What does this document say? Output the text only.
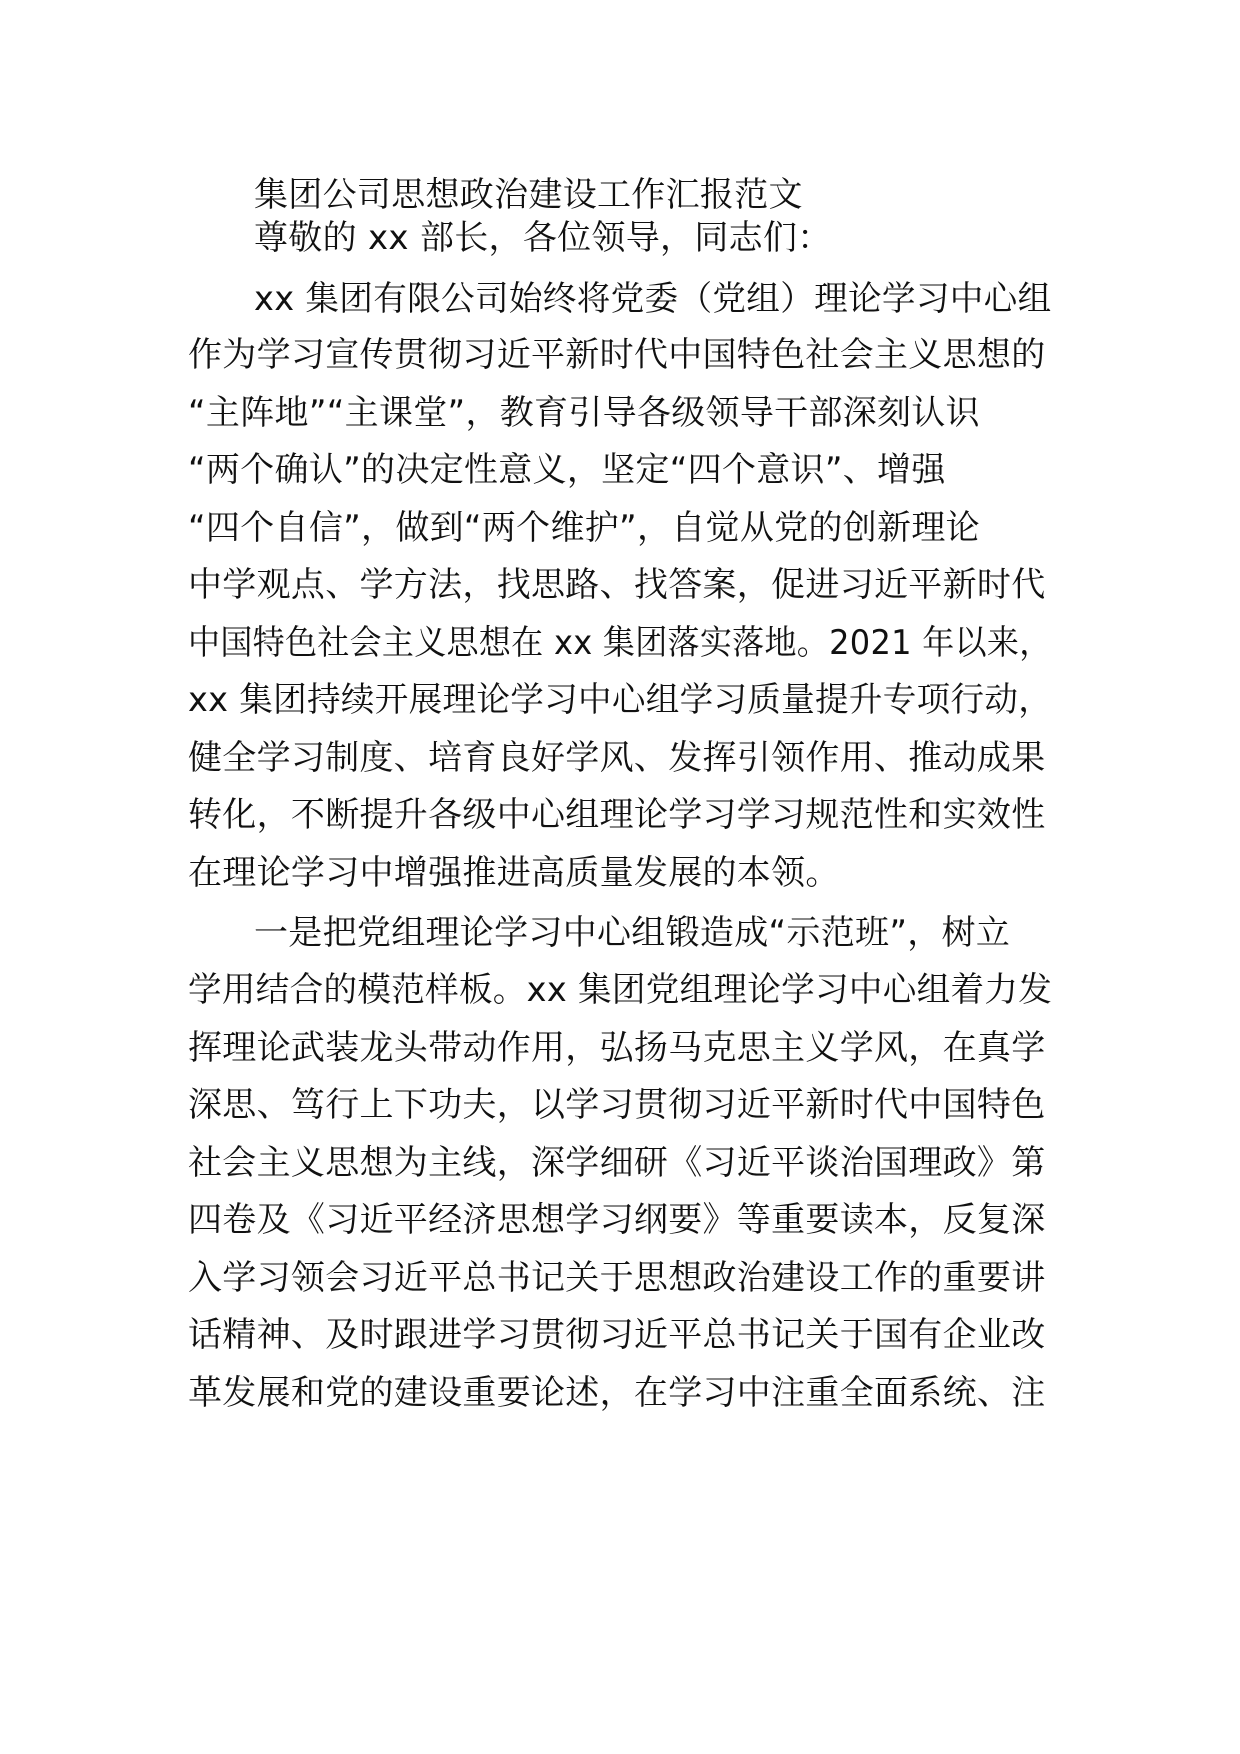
集团公司思想政治建设工作汇报范文
尊敬的 xx 部长，各位领导，同志们：
xx 集团有限公司始终将党委（党组）理论学习中心组
作为学习宣传贯彻习近平新时代中国特色社会主义思想的
“主阵地”“主课堂”，教育引导各级领导干部深刻认识
“两个确认”的决定性意义，坚定“四个意识”、增强
“四个自信”，做到“两个维护”，自觉从党的创新理论
中学观点、学方法，找思路、找答案，促进习近平新时代
中国特色社会主义思想在 xx 集团落实落地。2021 年以来，
xx 集团持续开展理论学习中心组学习质量提升专项行动，
健全学习制度、培育良好学风、发挥引领作用、推动成果
转化，不断提升各级中心组理论学习学习规范性和实效性
在理论学习中增强推进高质量发展的本领。
一是把党组理论学习中心组锻造成“示范班”，树立
学用结合的模范样板。xx 集团党组理论学习中心组着力发
挥理论武装龙头带动作用，弘扬马克思主义学风，在真学
深思、笃行上下功夫，以学习贯彻习近平新时代中国特色
社会主义思想为主线，深学细研《习近平谈治国理政》第
四卷及《习近平经济思想学习纲要》等重要读本，反复深
入学习领会习近平总书记关于思想政治建设工作的重要讲
话精神、及时跟进学习贯彻习近平总书记关于国有企业改
革发展和党的建设重要论述，在学习中注重全面系统、注
